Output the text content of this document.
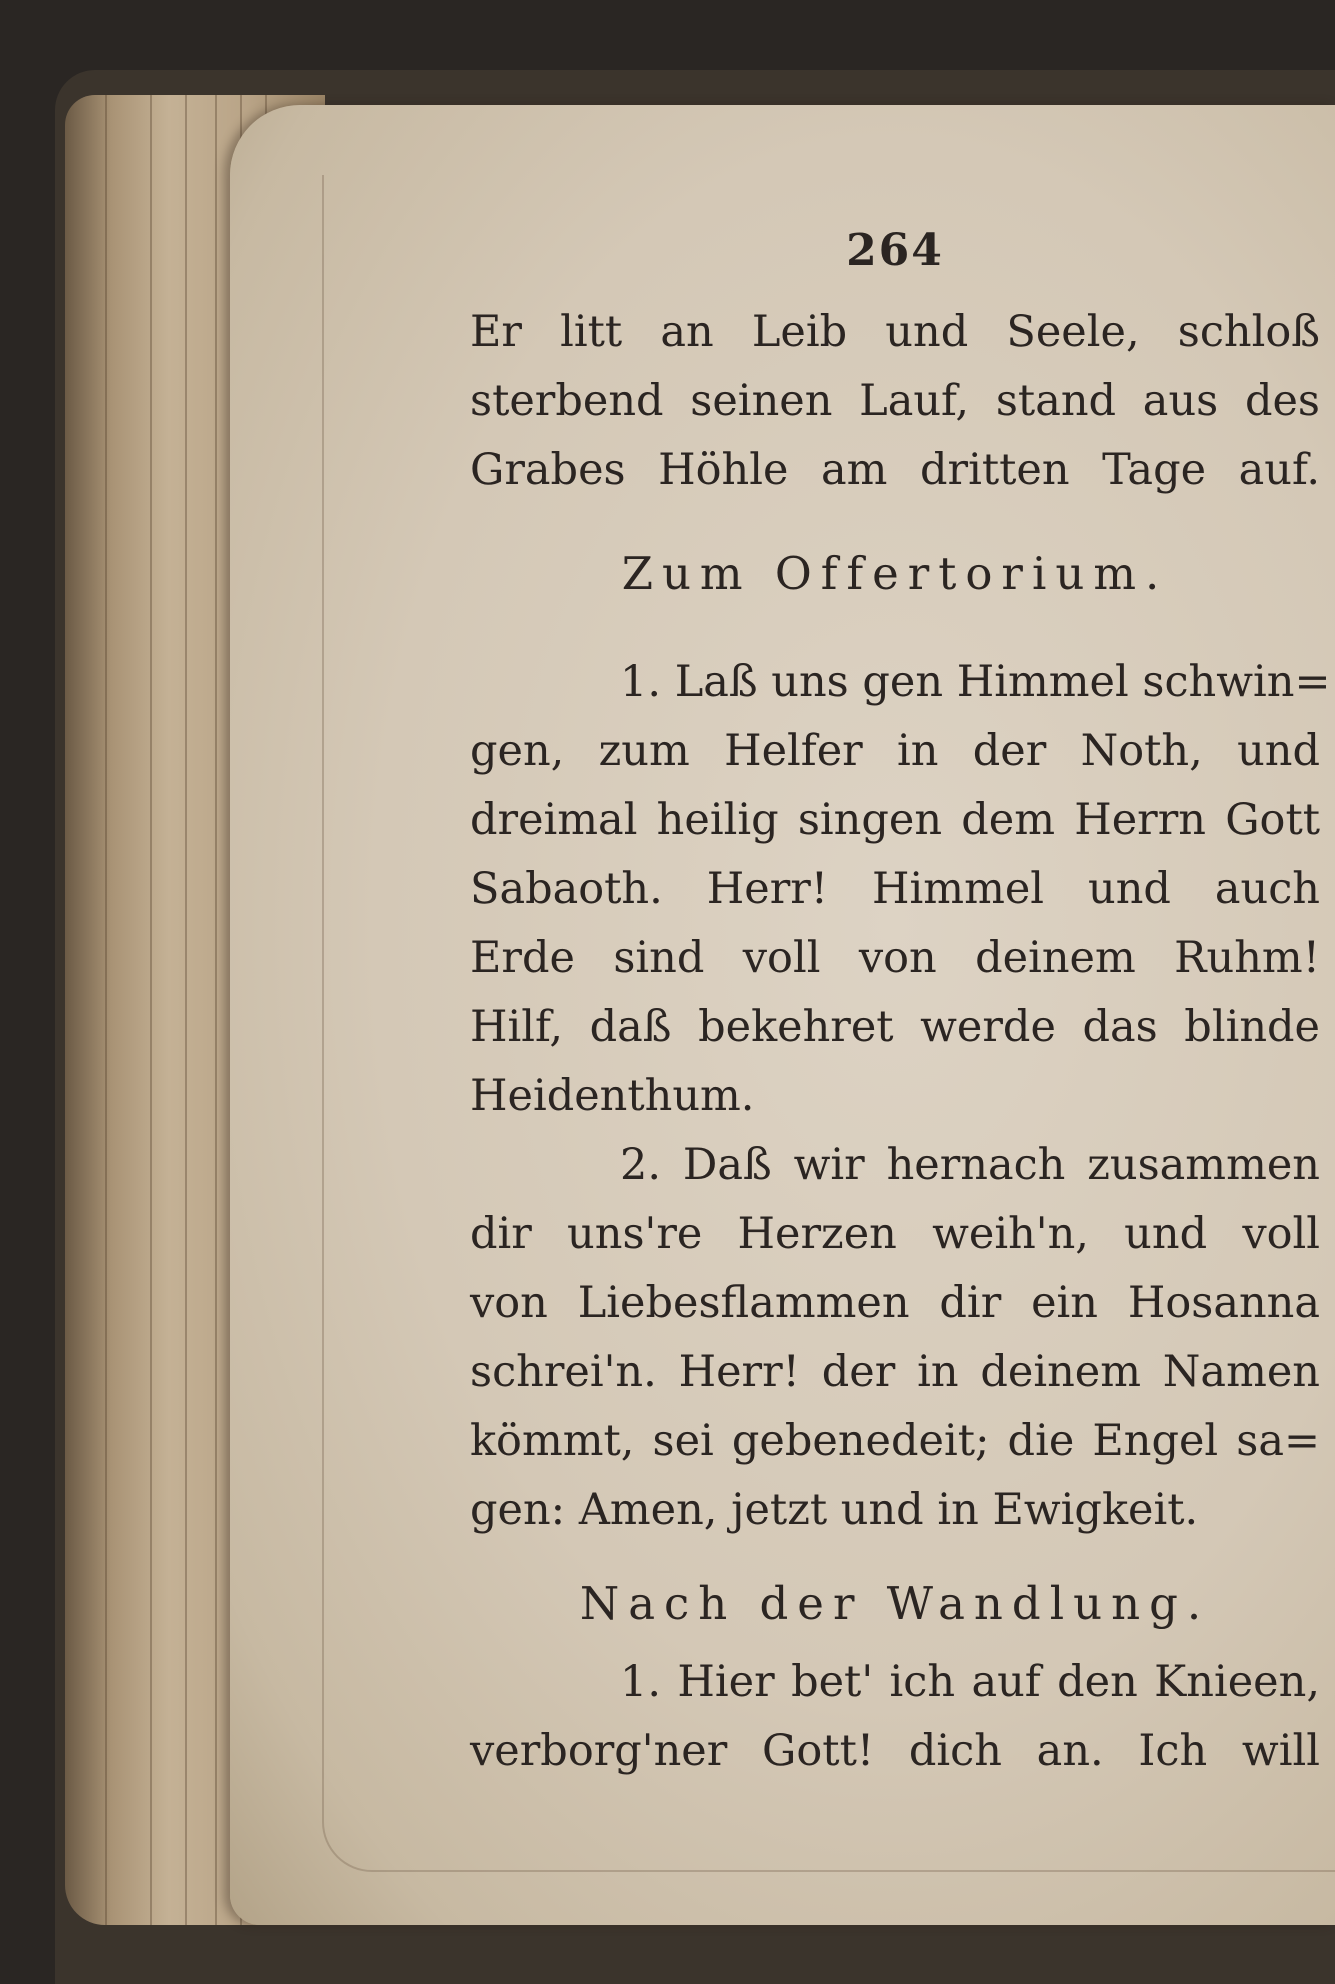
264
Er litt an Leib und Seele, schloß
sterbend seinen Lauf, stand aus des
Grabes Höhle am dritten Tage auf.
Zum Offertorium.
1. Laß uns gen Himmel schwin=
gen, zum Helfer in der Noth, und
dreimal heilig singen dem Herrn Gott
Sabaoth. Herr! Himmel und auch
Erde sind voll von deinem Ruhm!
Hilf, daß bekehret werde das blinde
Heidenthum.
2. Daß wir hernach zusammen
dir uns're Herzen weih'n, und voll
von Liebesflammen dir ein Hosanna
schrei'n. Herr! der in deinem Namen
kömmt, sei gebenedeit; die Engel sa=
gen: Amen, jetzt und in Ewigkeit.
Nach der Wandlung.
1. Hier bet' ich auf den Knieen,
verborg'ner Gott! dich an. Ich will
